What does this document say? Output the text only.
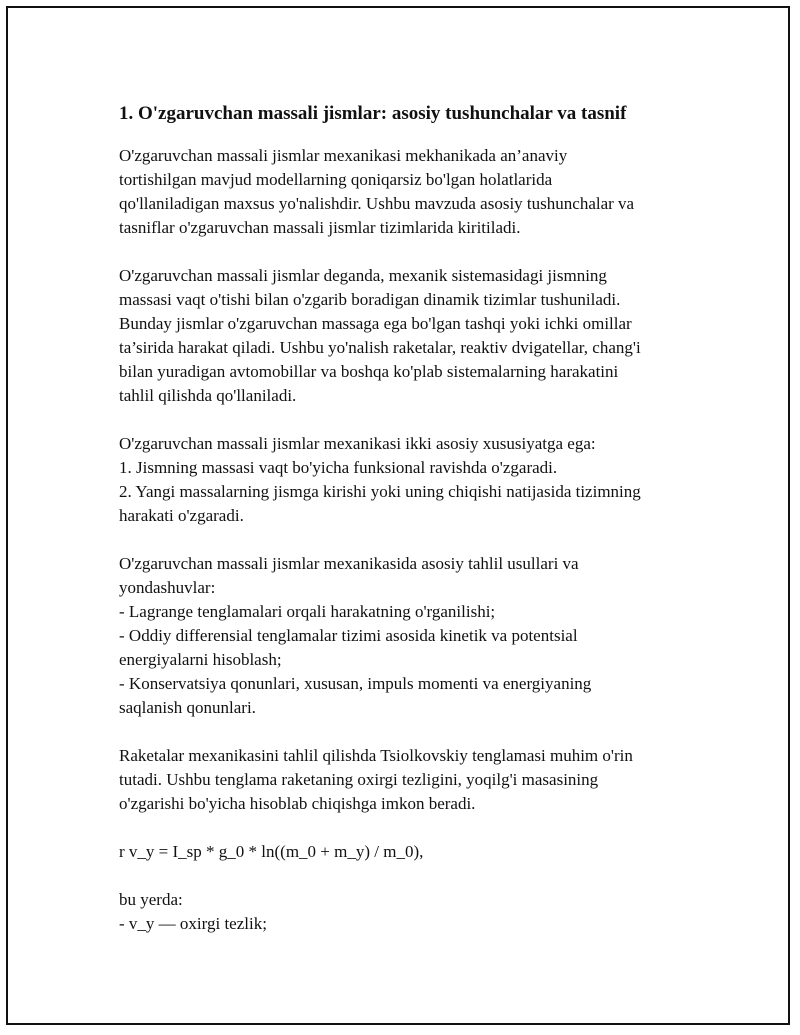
1. O'zgaruvchan massali jismlar: asosiy tushunchalar va tasnif
O'zgaruvchan massali jismlar mexanikasi mekhanikada an’anaviy
tortishilgan mavjud modellarning qoniqarsiz bo'lgan holatlarida
qo'llaniladigan maxsus yo'nalishdir. Ushbu mavzuda asosiy tushunchalar va
tasniflar o'zgaruvchan massali jismlar tizimlarida kiritiladi.
O'zgaruvchan massali jismlar deganda, mexanik sistemasidagi jismning
massasi vaqt o'tishi bilan o'zgarib boradigan dinamik tizimlar tushuniladi.
Bunday jismlar o'zgaruvchan massaga ega bo'lgan tashqi yoki ichki omillar
ta’sirida harakat qiladi. Ushbu yo'nalish raketalar, reaktiv dvigatellar, chang'i
bilan yuradigan avtomobillar va boshqa ko'plab sistemalarning harakatini
tahlil qilishda qo'llaniladi.
O'zgaruvchan massali jismlar mexanikasi ikki asosiy xususiyatga ega:
1. Jismning massasi vaqt bo'yicha funksional ravishda o'zgaradi.
2. Yangi massalarning jismga kirishi yoki uning chiqishi natijasida tizimning
harakati o'zgaradi.
O'zgaruvchan massali jismlar mexanikasida asosiy tahlil usullari va
yondashuvlar:
- Lagrange tenglamalari orqali harakatning o'rganilishi;
- Oddiy differensial tenglamalar tizimi asosida kinetik va potentsial
energiyalarni hisoblash;
- Konservatsiya qonunlari, xususan, impuls momenti va energiyaning
saqlanish qonunlari.
Raketalar mexanikasini tahlil qilishda Tsiolkovskiy tenglamasi muhim o'rin
tutadi. Ushbu tenglama raketaning oxirgi tezligini, yoqilg'i masasining
o'zgarishi bo'yicha hisoblab chiqishga imkon beradi.
r v_y = I_sp * g_0 * ln((m_0 + m_y) / m_0),
bu yerda:
- v_y — oxirgi tezlik;
